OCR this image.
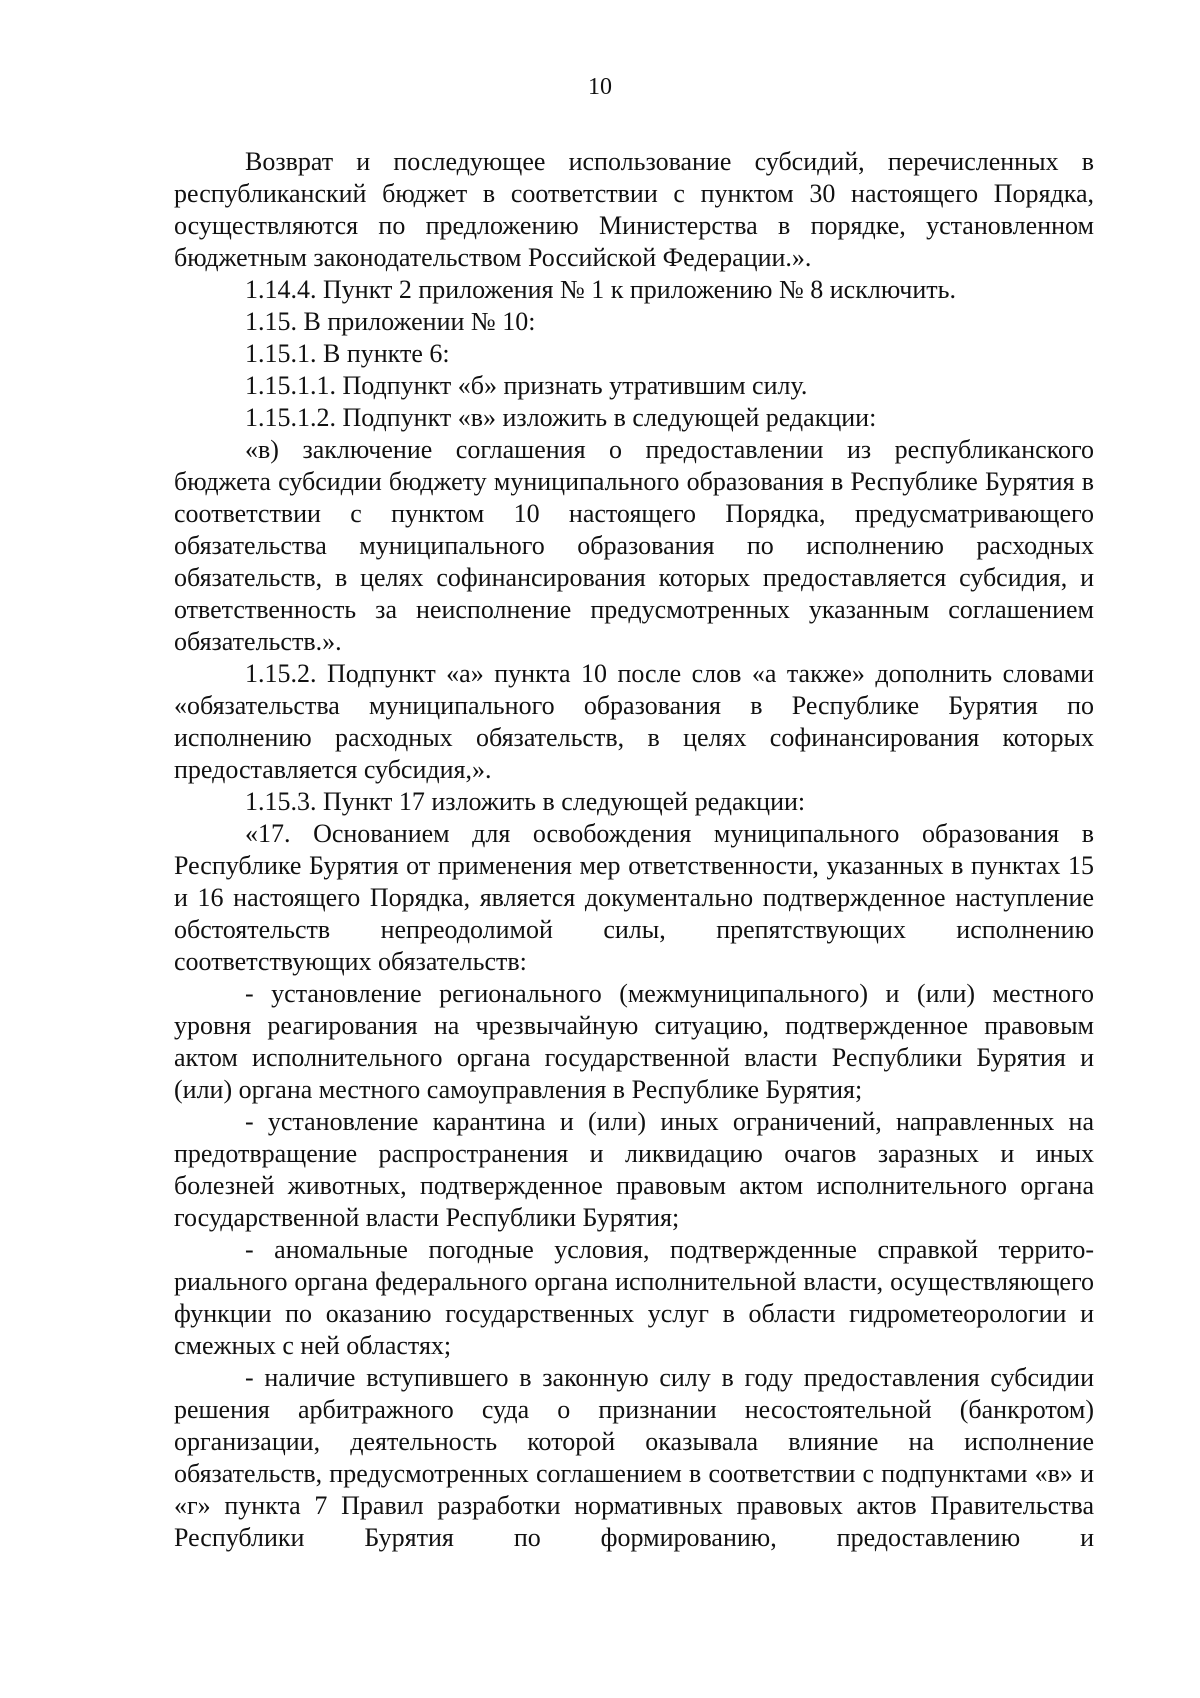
10

Возврат и последующее использование субсидий, перечисленных в республиканский бюджет в соответствии с пунктом 30 настоящего Порядка, осуществляются по предложению Министерства в порядке, установленном бюджетным законодательством Российской Федерации.».

1.14.4. Пункт 2 приложения № 1 к приложению № 8 исключить.

1.15. В приложении № 10:

1.15.1. В пункте 6:

1.15.1.1. Подпункт «б» признать утратившим силу.

1.15.1.2. Подпункт «в» изложить в следующей редакции:

«в) заключение соглашения о предоставлении из республиканского бюджета субсидии бюджету муниципального образования в Республике Бурятия в соответствии с пунктом 10 настоящего Порядка, предусматривающего обязательства муниципального образования по исполнению расходных обязательств, в целях софинансирования которых предоставляется субсидия, и ответственность за неисполнение предусмотренных указанным соглашением обязательств.».

1.15.2. Подпункт «а» пункта 10 после слов «а также» дополнить словами «обязательства муниципального образования в Республике Бурятия по исполнению расходных обязательств, в целях софинансирования которых предоставляется субсидия,».

1.15.3. Пункт 17 изложить в следующей редакции:

«17. Основанием для освобождения муниципального образования в Республике Бурятия от применения мер ответственности, указанных в пунктах 15 и 16 настоящего Порядка, является документально подтвержденное наступление обстоятельств непреодолимой силы, препятствующих исполнению соответствующих обязательств:

- установление регионального (межмуниципального) и (или) местного уровня реагирования на чрезвычайную ситуацию, подтвержденное правовым актом исполнительного органа государственной власти Республики Бурятия и (или) органа местного самоуправления в Республике Бурятия;

- установление карантина и (или) иных ограничений, направленных на предотвращение распространения и ликвидацию очагов заразных и иных болезней животных, подтвержденное правовым актом исполнительного органа государственной власти Республики Бурятия;

- аномальные погодные условия, подтвержденные справкой территориального органа федерального органа исполнительной власти, осуществляющего функции по оказанию государственных услуг в области гидрометеорологии и смежных с ней областях;

- наличие вступившего в законную силу в году предоставления субсидии решения арбитражного суда о признании несостоятельной (банкротом) организации, деятельность которой оказывала влияние на исполнение обязательств, предусмотренных соглашением в соответствии с подпунктами «в» и «г» пункта 7 Правил разработки нормативных правовых актов Правительства Республики Бурятия по формированию, предоставлению и
